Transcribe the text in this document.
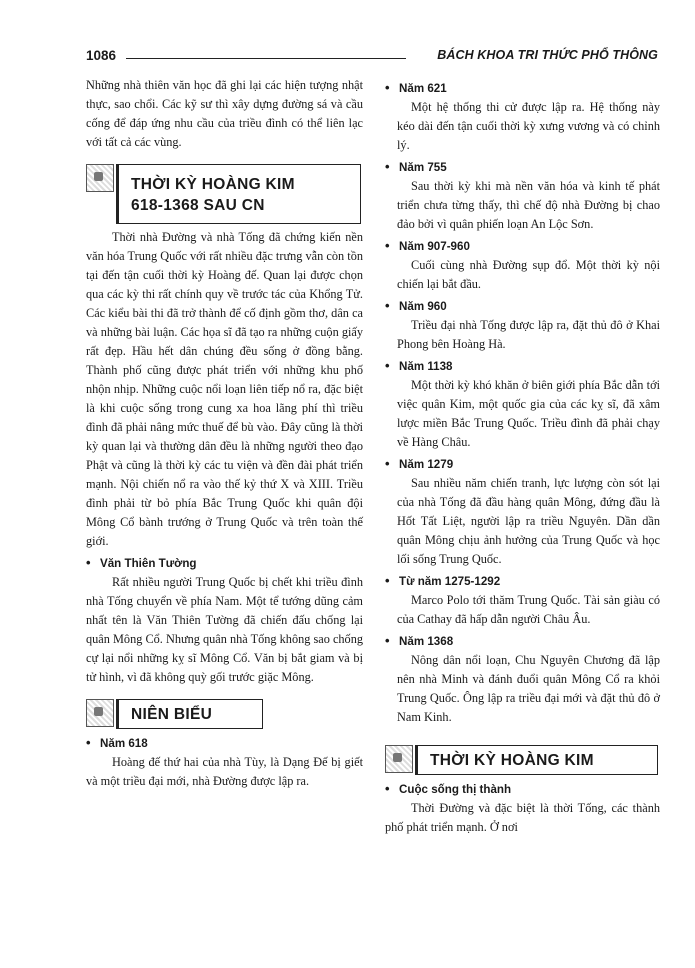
1086	BÁCH KHOA TRI THỨC PHỔ THÔNG

Những nhà thiên văn học đã ghi lại các hiện tượng nhật thực, sao chổi. Các kỹ sư thì xây dựng đường sá và cầu cống để đáp ứng nhu cầu của triều đình có thể liên lạc với tất cả các vùng.

THỜI KỲ HOÀNG KIM
618-1368 SAU CN

Thời nhà Đường và nhà Tống đã chứng kiến nền văn hóa Trung Quốc với rất nhiều đặc trưng vẫn còn tồn tại đến tận cuối thời kỳ Hoàng đế. Quan lại được chọn qua các kỳ thi rất chính quy về trước tác của Khổng Tử. Các kiểu bài thi đã trở thành để cố định gồm thơ, dân ca và những bài luận. Các họa sĩ đã tạo ra những cuộn giấy rất đẹp. Hầu hết dân chúng đều sống ở đồng bằng. Thành phố cũng được phát triển với những khu phố nhộn nhịp. Những cuộc nổi loạn liên tiếp nổ ra, đặc biệt là khi cuộc sống trong cung xa hoa lãng phí thì triều đình đã phải nâng mức thuế để bù vào. Đây cũng là thời kỳ quan lại và thường dân đều là những người theo đạo Phật và cũng là thời kỳ các tu viện và đền đài phát triển mạnh. Nội chiến nổ ra vào thế kỷ thứ X và XIII. Triều đình phải từ bỏ phía Bắc Trung Quốc khi quân đội Mông Cổ bành trướng ở Trung Quốc và trên toàn thế giới.

• Văn Thiên Tường

Rất nhiều người Trung Quốc bị chết khi triều đình nhà Tống chuyển về phía Nam. Một tể tướng dũng cảm nhất tên là Văn Thiên Tường đã chiến đấu chống lại quân Mông Cổ. Nhưng quân nhà Tống không sao chống cự lại nổi những kỵ sĩ Mông Cổ. Văn bị bắt giam và bị tử hình, vì đã không quỳ gối trước giặc Mông.

NIÊN BIỂU
• Năm 618

Hoàng đế thứ hai của nhà Tùy, là Dạng Đế bị giết và một triều đại mới, nhà Đường được lập ra.

• Năm 621

Một hệ thống thi cử được lập ra. Hệ thống này kéo dài đến tận cuối thời kỳ xưng vương và có chỉnh lý.

• Năm 755

Sau thời kỳ khi mà nền văn hóa và kinh tế phát triển chưa từng thấy, thì chế độ nhà Đường bị chao đảo bởi vì quân phiến loạn An Lộc Sơn.

• Năm 907-960

Cuối cùng nhà Đường sụp đổ. Một thời kỳ nội chiến lại bắt đầu.

• Năm 960

Triều đại nhà Tống được lập ra, đặt thủ đô ở Khai Phong bên Hoàng Hà.

• Năm 1138

Một thời kỳ khó khăn ở biên giới phía Bắc dẫn tới việc quân Kim, một quốc gia của các kỵ sĩ, đã xâm lược miền Bắc Trung Quốc. Triều đình đã phải chạy về Hàng Châu.

• Năm 1279

Sau nhiều năm chiến tranh, lực lượng còn sót lại của nhà Tống đã đầu hàng quân Mông, đứng đầu là Hốt Tất Liệt, người lập ra triều Nguyên. Dần dần quân Mông chịu ảnh hưởng của Trung Quốc và học lối sống Trung Quốc.

• Từ năm 1275-1292

Marco Polo tới thăm Trung Quốc. Tài sản giàu có của Cathay đã hấp dẫn người Châu Âu.

• Năm 1368

Nông dân nổi loạn, Chu Nguyên Chương đã lập nên nhà Minh và đánh đuổi quân Mông Cổ ra khỏi Trung Quốc. Ông lập ra triều đại mới và đặt thủ đô ở Nam Kinh.

THỜI KỲ HOÀNG KIM
• Cuộc sống thị thành

Thời Đường và đặc biệt là thời Tống, các thành phố phát triển mạnh. Ở nơi
